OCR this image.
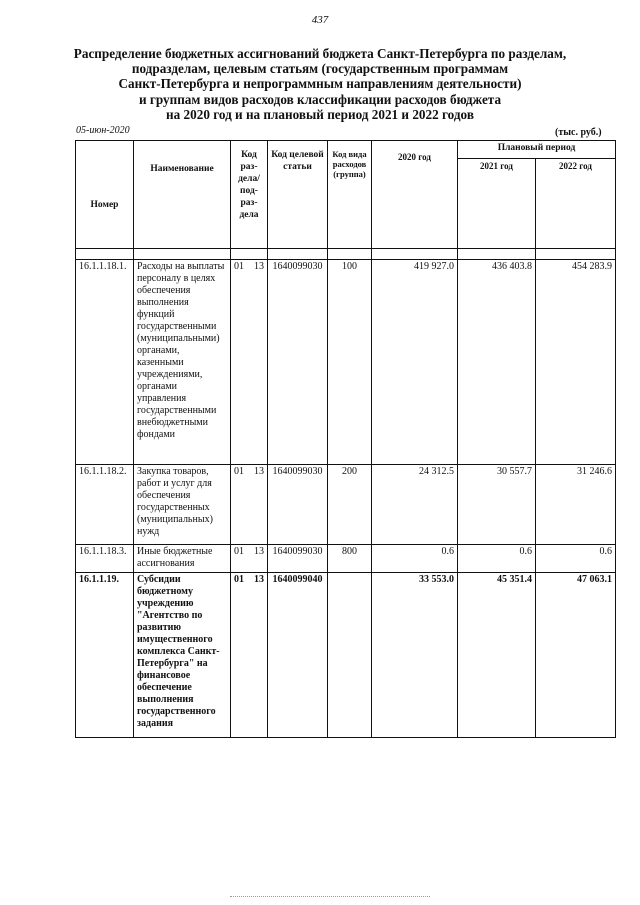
437
Распределение бюджетных ассигнований бюджета Санкт-Петербурга по разделам,
подразделам, целевым статьям (государственным программам
Санкт-Петербурга и непрограммным направлениям деятельности)
и группам видов расходов классификации расходов бюджета
на 2020 год и на плановый период 2021 и 2022 годов
05-июн-2020	(тыс. руб.)
Номер	Наименование	Код раз- дела/ под- раз- дела	Код целевой статьи	Код вида расходов (группа)	2020 год	Плановый период	
						2021 год	2022 год

16.1.1.18.1.	Расходы на выплаты персоналу в целях обеспечения выполнения функций государственными (муниципальными) органами, казенными учреждениями, органами управления государственными внебюджетными фондами	01 13	1640099030	100	419 927.0	436 403.8	454 283.9
16.1.1.18.2.	Закупка товаров, работ и услуг для обеспечения государственных (муниципальных) нужд	01 13	1640099030	200	24 312.5	30 557.7	31 246.6
16.1.1.18.3.	Иные бюджетные ассигнования	01 13	1640099030	800	0.6	0.6	0.6
16.1.1.19.	Субсидии бюджетному учреждению "Агентство по развитию имущественного комплекса Санкт-Петербурга" на финансовое обеспечение выполнения государственного задания	01 13	1640099040		33 553.0	45 351.4	47 063.1
